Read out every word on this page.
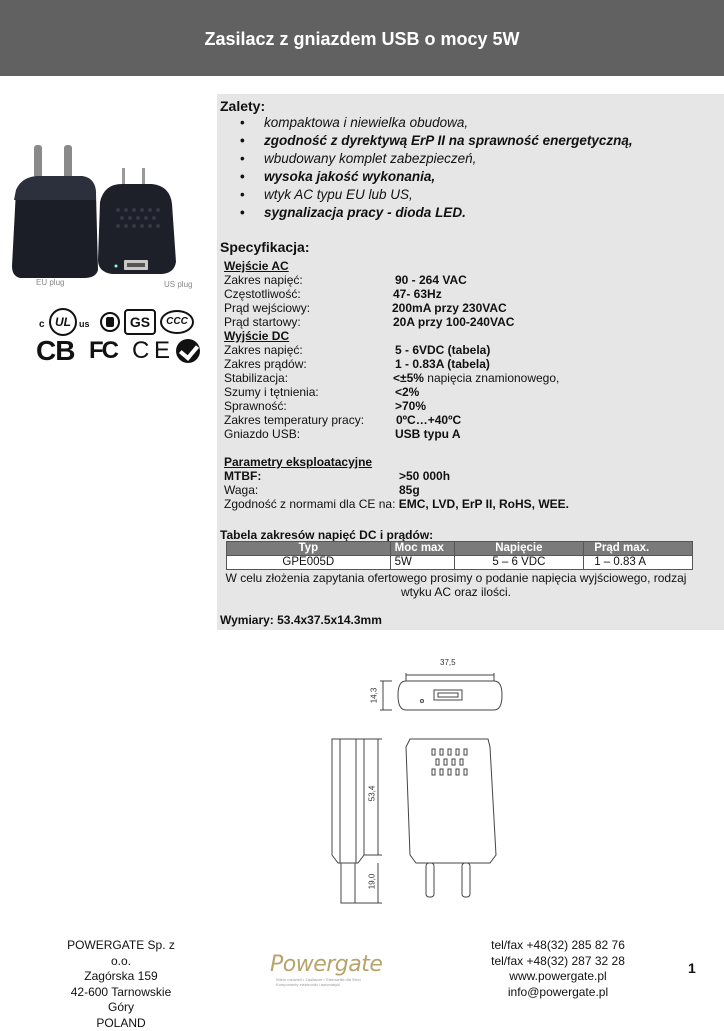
Zasilacz z gniazdem USB o mocy 5W
EU plug	US plug
c UL us	GS	CCC
CB FC C E
Zalety:
• kompaktowa i niewielka obudowa,
• zgodność z dyrektywą ErP II na sprawność energetyczną,
• wbudowany komplet zabezpieczeń,
• wysoka jakość wykonania,
• wtyk AC typu EU lub US,
• sygnalizacja pracy - dioda LED.
Specyfikacja:
Wejście AC
Zakres napięć:	90 - 264 VAC
Częstotliwość:	47- 63Hz
Prąd wejściowy:	200mA przy 230VAC
Prąd startowy:	20A przy 100-240VAC
Wyjście DC
Zakres napięć:	5 - 6VDC (tabela)
Zakres prądów:	1 - 0.83A (tabela)
Stabilizacja:	<±5% napięcia znamionowego,
Szumy i tętnienia:	<2%
Sprawność:	>70%
Zakres temperatury pracy:	0ºC…+40ºC
Gniazdo USB:	USB typu A
Parametry eksploatacyjne
MTBF:	>50 000h
Waga:	85g
Zgodność z normami dla CE na: EMC, LVD, ErP II, RoHS, WEE.
Tabela zakresów napięć DC i prądów:
Typ	Moc max	Napięcie	Prąd max.
GPE005D	5W	5 – 6 VDC	1 – 0.83 A
W celu złożenia zapytania ofertowego prosimy o podanie napięcia wyjściowego, rodzaj
wtyku AC oraz ilości.
Wymiary: 53.4x37.5x14.3mm
37,5
14,3
53,4
19,0
POWERGATE Sp. z o.o.
Zagórska 159
42-600 Tarnowskie Góry
POLAND
Powergate
Wielo rozdzieli • Zasilacze • Sterowniki dla Sieci
Komponenty elektroniki i automatyki
tel/fax +48(32) 285 82 76
tel/fax +48(32) 287 32 28
www.powergate.pl
info@powergate.pl
1
